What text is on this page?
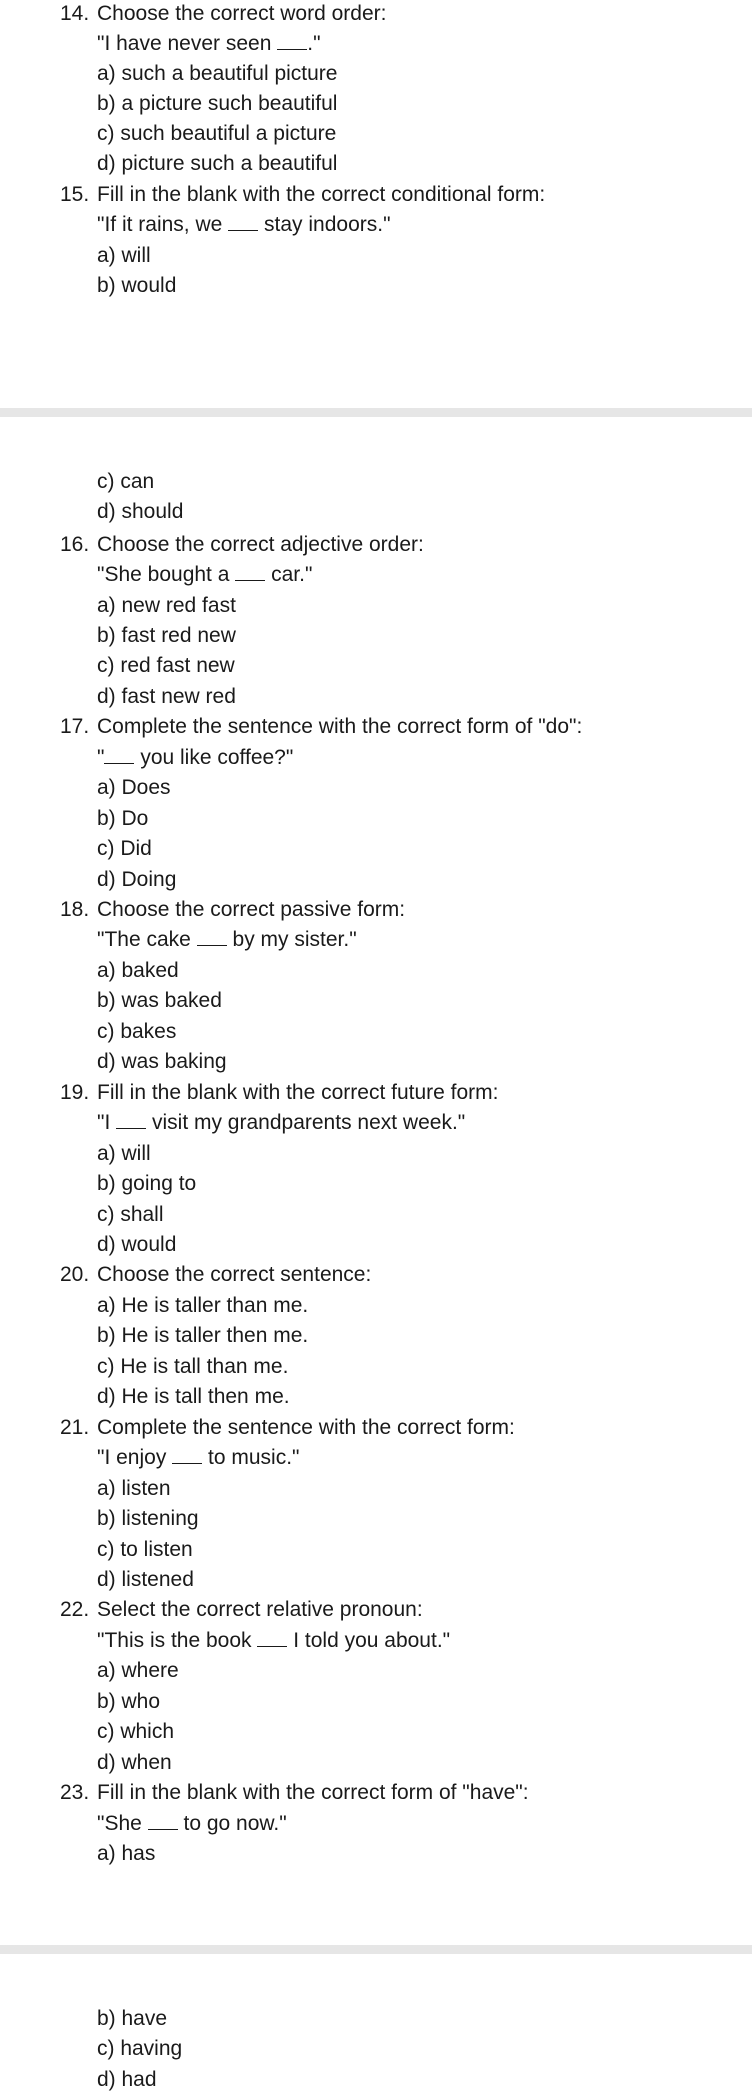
14. Choose the correct word order:
"I have never seen ."
a) such a beautiful picture
b) a picture such beautiful
c) such beautiful a picture
d) picture such a beautiful
15. Fill in the blank with the correct conditional form:
"If it rains, we stay indoors."
a) will
b) would
c) can
d) should
16. Choose the correct adjective order:
"She bought a car."
a) new red fast
b) fast red new
c) red fast new
d) fast new red
17. Complete the sentence with the correct form of "do":
" you like coffee?"
a) Does
b) Do
c) Did
d) Doing
18. Choose the correct passive form:
"The cake by my sister."
a) baked
b) was baked
c) bakes
d) was baking
19. Fill in the blank with the correct future form:
"I visit my grandparents next week."
a) will
b) going to
c) shall
d) would
20. Choose the correct sentence:
a) He is taller than me.
b) He is taller then me.
c) He is tall than me.
d) He is tall then me.
21. Complete the sentence with the correct form:
"I enjoy to music."
a) listen
b) listening
c) to listen
d) listened
22. Select the correct relative pronoun:
"This is the book I told you about."
a) where
b) who
c) which
d) when
23. Fill in the blank with the correct form of "have":
"She to go now."
a) has
b) have
c) having
d) had
